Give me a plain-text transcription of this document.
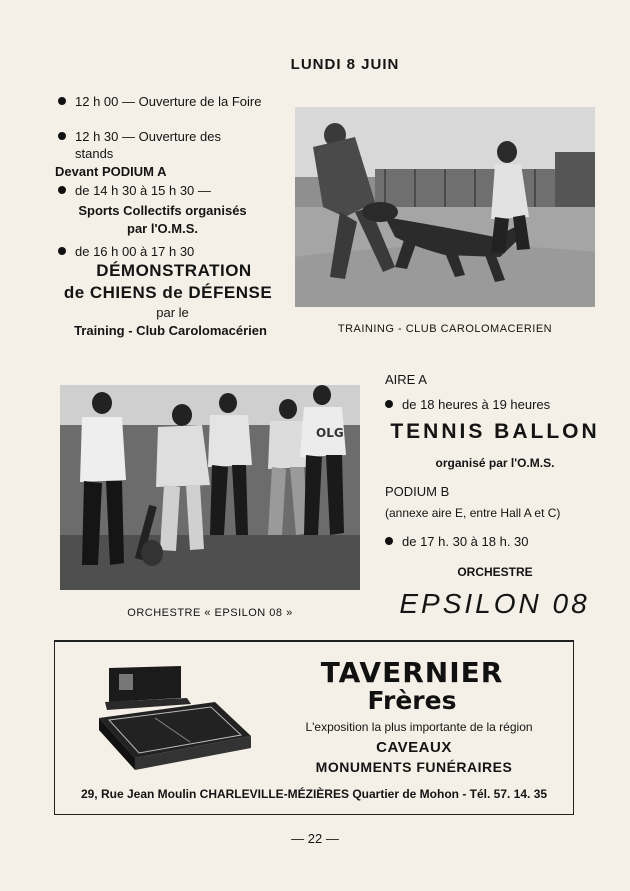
LUNDI 8 JUIN
12 h 00 — Ouverture de la Foire
12 h 30 — Ouverture des stands
Devant PODIUM A
de 14 h 30 à 15 h 30 —
Sports Collectifs organisés
par l'O.M.S.
de 16 h 00 à 17 h 30
DÉMONSTRATION
de CHIENS de DÉFENSE
par le
Training - Club Carolomacérien	TRAINING - CLUB CAROLOMACERIEN
OLG
ORCHESTRE « EPSILON 08 »
AIRE A
de 18 heures à 19 heures
TENNIS BALLON
organisé par l'O.M.S.
PODIUM B
(annexe aire E, entre Hall A et C)
de 17 h. 30 à 18 h. 30
ORCHESTRE
EPSILON 08
TAVERNIER
Frères
L'exposition la plus importante de la région
CAVEAUX
MONUMENTS FUNÉRAIRES
29, Rue Jean Moulin CHARLEVILLE-MÉZIÈRES Quartier de Mohon - Tél. 57. 14. 35
— 22 —
